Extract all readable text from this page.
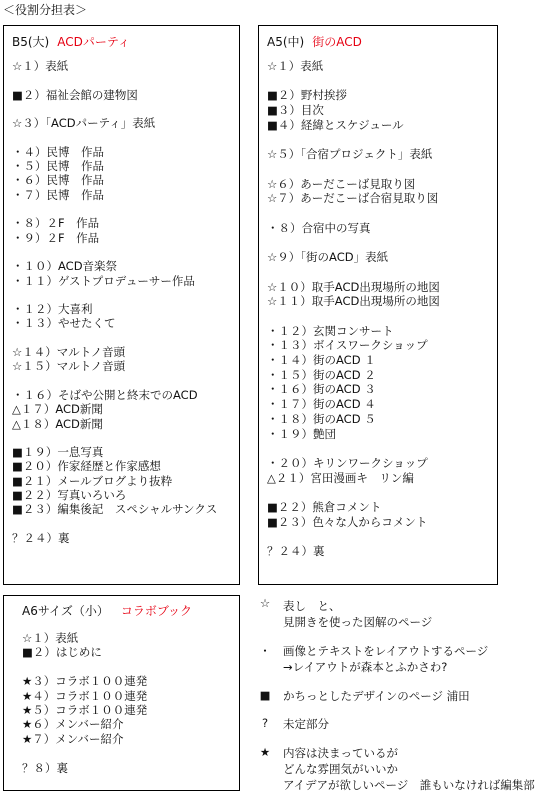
＜役割分担表＞
B5(大) ACDパーティ
☆１）表紙
■２）福祉会館の建物図
☆３）「ACDパーティ」表紙
・４）民博　作品
・５）民博　作品
・６）民博　作品
・７）民博　作品
・８）２F　作品
・９）２F　作品
・１０）ACD音楽祭
・１１）ゲストプロデューサー作品
・１２）大喜利
・１３）やせたくて
☆１４）マルトノ音頭
☆１５）マルトノ音頭
・１６）そばや公開と終末でのACD
△１７）ACD新聞
△１８）ACD新聞
■１９）一息写真
■２０）作家経歴と作家感想
■２１）メールブログより抜粋
■２２）写真いろいろ
■２３）編集後記　スペシャルサンクス
？２４）裏
A5(中) 街のACD
☆１）表紙
■２）野村挨拶
■３）目次
■４）経緯とスケジュール
☆５）「合宿プロジェクト」表紙
☆６）あーだこーば見取り図
☆７）あーだこーば合宿見取り図
・８）合宿中の写真
☆９）「街のACD」表紙
☆１０）取手ACD出現場所の地図
☆１１）取手ACD出現場所の地図
・１２）玄関コンサート
・１３）ボイスワークショップ
・１４）街のACD １
・１５）街のACD ２
・１６）街のACD ３
・１７）街のACD ４
・１８）街のACD ５
・１９）艶団
・２０）キリンワークショップ
△２１）宮田漫画キ　リン編
■２２）熊倉コメント
■２３）色々な人からコメント
？２４）裏
A6サイズ（小） コラボブック
☆１）表紙
■２）はじめに
★３）コラボ１００連発
★４）コラボ１００連発
★５）コラボ１００連発
★６）メンバー紹介
★７）メンバー紹介
？８）裏
☆ 表し　と、
見開きを使った図解のページ
・ 画像とテキストをレイアウトするページ
→レイアウトが森本とふかさわ?
■ かちっとしたデザインのページ 浦田
?	未定部分
★ 内容は決まっているが
どんな雰囲気がいいか
アイデアが欲しいページ　誰もいなければ編集部
